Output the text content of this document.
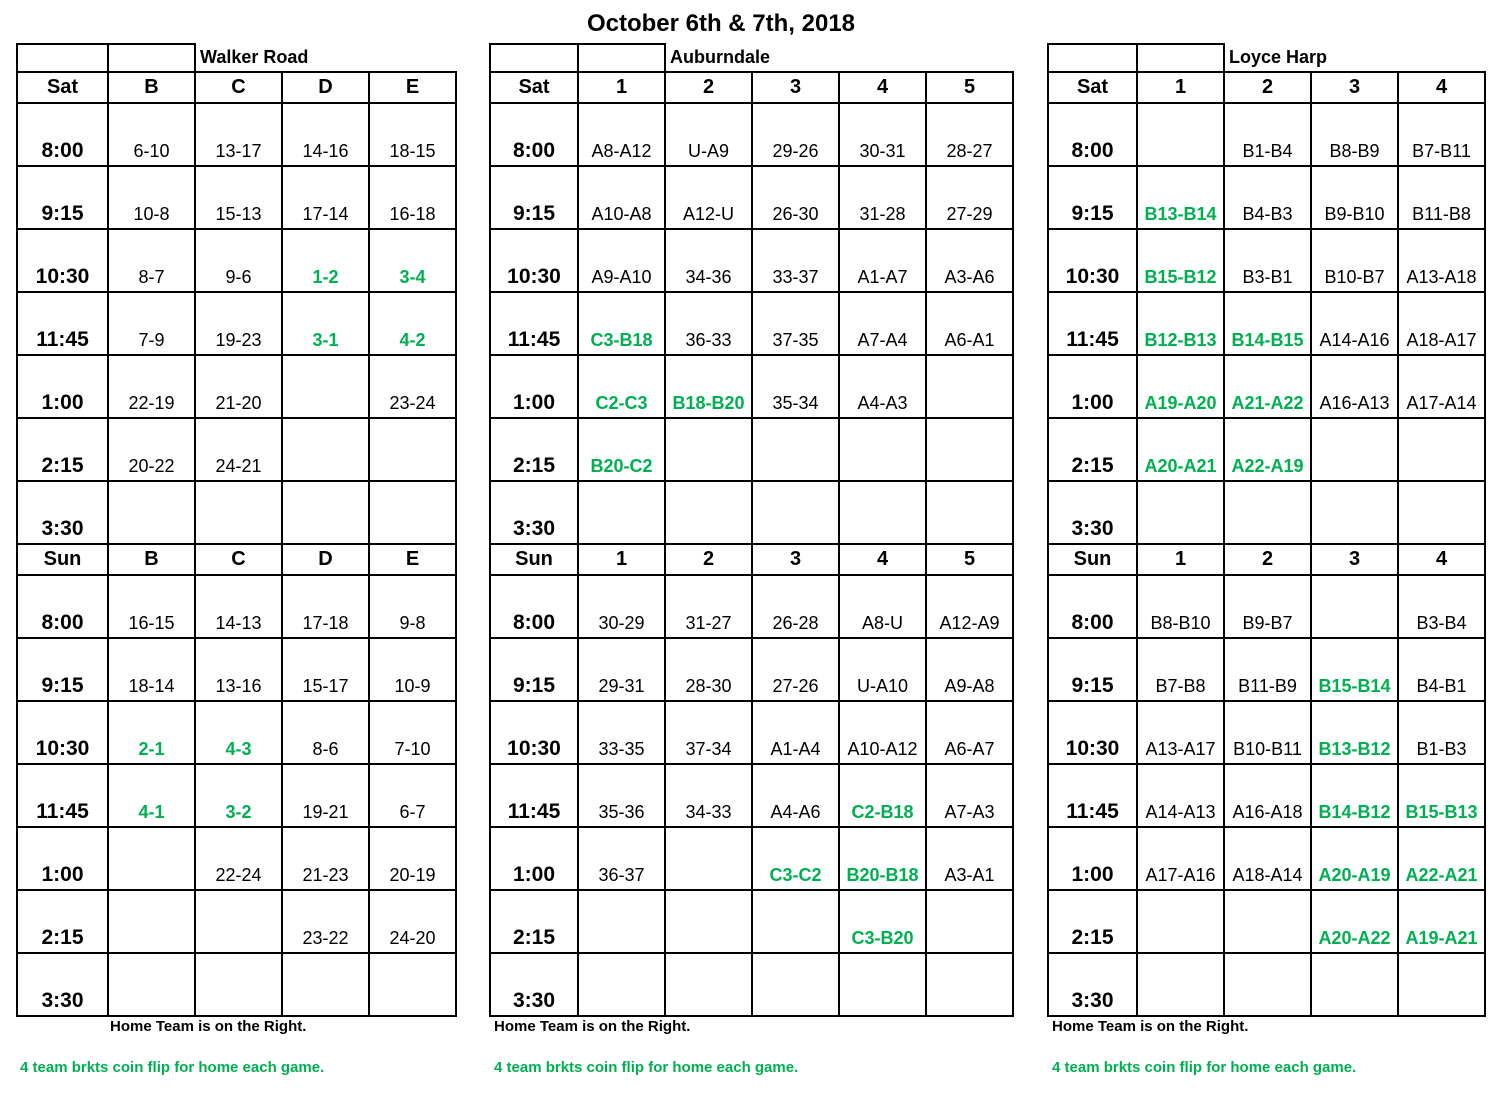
October 6th & 7th, 2018
		Walker Road		
Sat	B	C	D	E
8:00	6-10	13-17	14-16	18-15
9:15	10-8	15-13	17-14	16-18
10:30	8-7	9-6	1-2	3-4
11:45	7-9	19-23	3-1	4-2
1:00	22-19	21-20		23-24
2:15	20-22	24-21		
3:30				
Sun	B	C	D	E
8:00	16-15	14-13	17-18	9-8
9:15	18-14	13-16	15-17	10-9
10:30	2-1	4-3	8-6	7-10
11:45	4-1	3-2	19-21	6-7
1:00		22-24	21-23	20-19
2:15			23-22	24-20
3:30				
		Auburndale				
Sat	1	2	3	4	5	
8:00	A8-A12	U-A9	29-26	30-31	28-27	
9:15	A10-A8	A12-U	26-30	31-28	27-29	
10:30	A9-A10	34-36	33-37	A1-A7	A3-A6	
11:45	C3-B18	36-33	37-35	A7-A4	A6-A1	
1:00	C2-C3	B18-B20	35-34	A4-A3		
2:15	B20-C2					
3:30						
Sun	1	2	3	4	5	
8:00	30-29	31-27	26-28	A8-U	A12-A9	
9:15	29-31	28-30	27-26	U-A10	A9-A8	
10:30	33-35	37-34	A1-A4	A10-A12	A6-A7	
11:45	35-36	34-33	A4-A6	C2-B18	A7-A3	
1:00	36-37		C3-C2	B20-B18	A3-A1	
2:15				C3-B20		
3:30						
		Loyce Harp		
Sat	1	2	3	4
8:00		B1-B4	B8-B9	B7-B11
9:15	B13-B14	B4-B3	B9-B10	B11-B8
10:30	B15-B12	B3-B1	B10-B7	A13-A18
11:45	B12-B13	B14-B15	A14-A16	A18-A17
1:00	A19-A20	A21-A22	A16-A13	A17-A14
2:15	A20-A21	A22-A19		
3:30				
Sun	1	2	3	4
8:00	B8-B10	B9-B7		B3-B4
9:15	B7-B8	B11-B9	B15-B14	B4-B1
10:30	A13-A17	B10-B11	B13-B12	B1-B3
11:45	A14-A13	A16-A18	B14-B12	B15-B13
1:00	A17-A16	A18-A14	A20-A19	A22-A21
2:15			A20-A22	A19-A21
3:30				
Home Team is on the Right.
4 team brkts coin flip for home each game.
Home Team is on the Right.
4 team brkts coin flip for home each game.
Home Team is on the Right.
4 team brkts coin flip for home each game.
